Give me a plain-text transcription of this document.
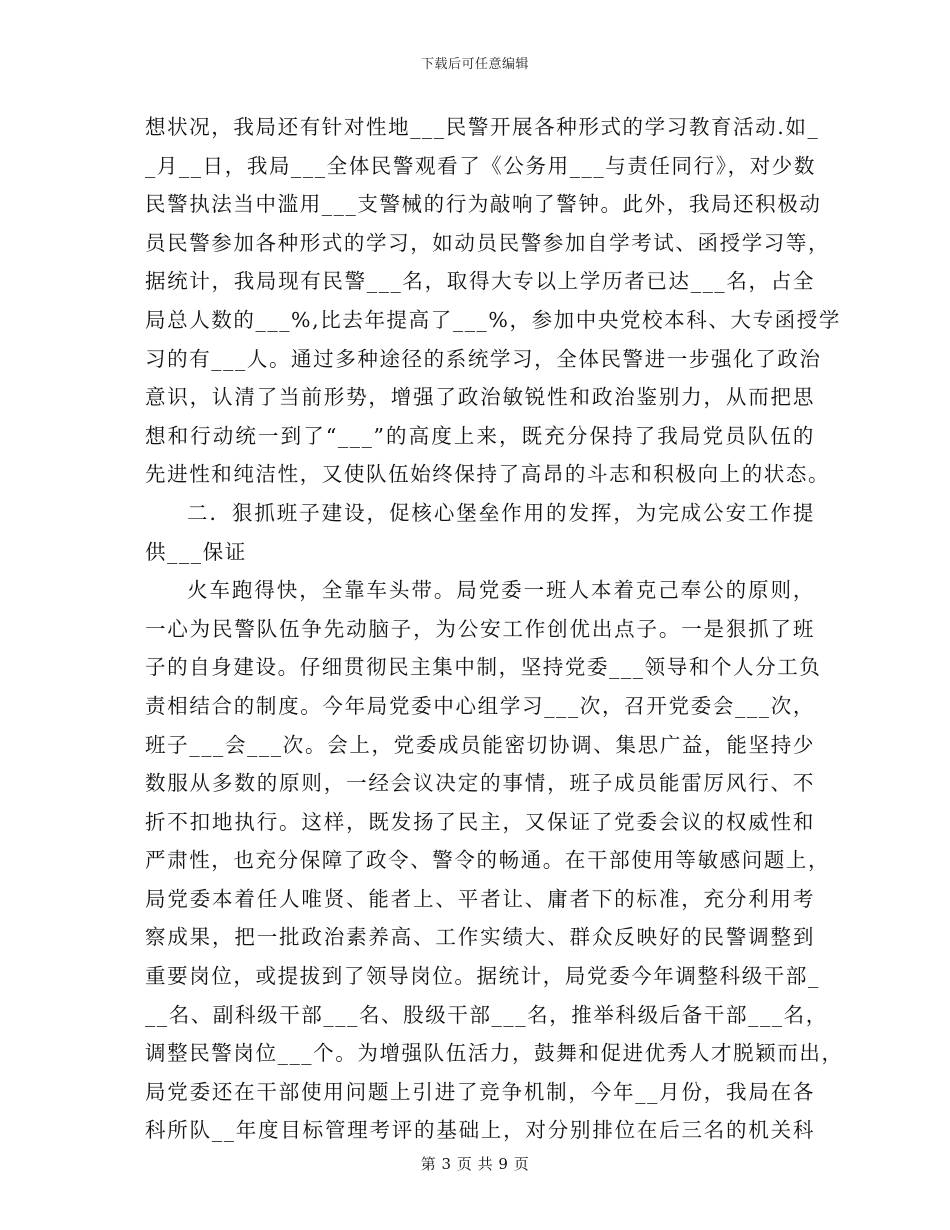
下载后可任意编辑
想状况，我局还有针对性地___民警开展各种形式的学习教育活动.如_
_月__日，我局___全体民警观看了《公务用___与责任同行》，对少数
民警执法当中滥用___支警械的行为敲响了警钟。此外，我局还积极动
员民警参加各种形式的学习，如动员民警参加自学考试、函授学习等，
据统计，我局现有民警___名，取得大专以上学历者已达___名，占全
局总人数的___%,比去年提高了___%，参加中央党校本科、大专函授学
习的有___人。通过多种途径的系统学习，全体民警进一步强化了政治
意识，认清了当前形势，增强了政治敏锐性和政治鉴别力，从而把思
想和行动统一到了“___”的高度上来，既充分保持了我局党员队伍的
先进性和纯洁性，又使队伍始终保持了高昂的斗志和积极向上的状态。
二．狠抓班子建设，促核心堡垒作用的发挥，为完成公安工作提
供___保证
火车跑得快，全靠车头带。局党委一班人本着克己奉公的原则，
一心为民警队伍争先动脑子，为公安工作创优出点子。一是狠抓了班
子的自身建设。仔细贯彻民主集中制，坚持党委___领导和个人分工负
责相结合的制度。今年局党委中心组学习___次，召开党委会___次，
班子___会___次。会上，党委成员能密切协调、集思广益，能坚持少
数服从多数的原则，一经会议决定的事情，班子成员能雷厉风行、不
折不扣地执行。这样，既发扬了民主，又保证了党委会议的权威性和
严肃性，也充分保障了政令、警令的畅通。在干部使用等敏感问题上，
局党委本着任人唯贤、能者上、平者让、庸者下的标准，充分利用考
察成果，把一批政治素养高、工作实绩大、群众反映好的民警调整到
重要岗位，或提拔到了领导岗位。据统计，局党委今年调整科级干部_
__名、副科级干部___名、股级干部___名，推举科级后备干部___名，
调整民警岗位___个。为增强队伍活力，鼓舞和促进优秀人才脱颖而出，
局党委还在干部使用问题上引进了竞争机制，今年__月份，我局在各
科所队__年度目标管理考评的基础上，对分别排位在后三名的机关科
第 3 页 共 9 页
